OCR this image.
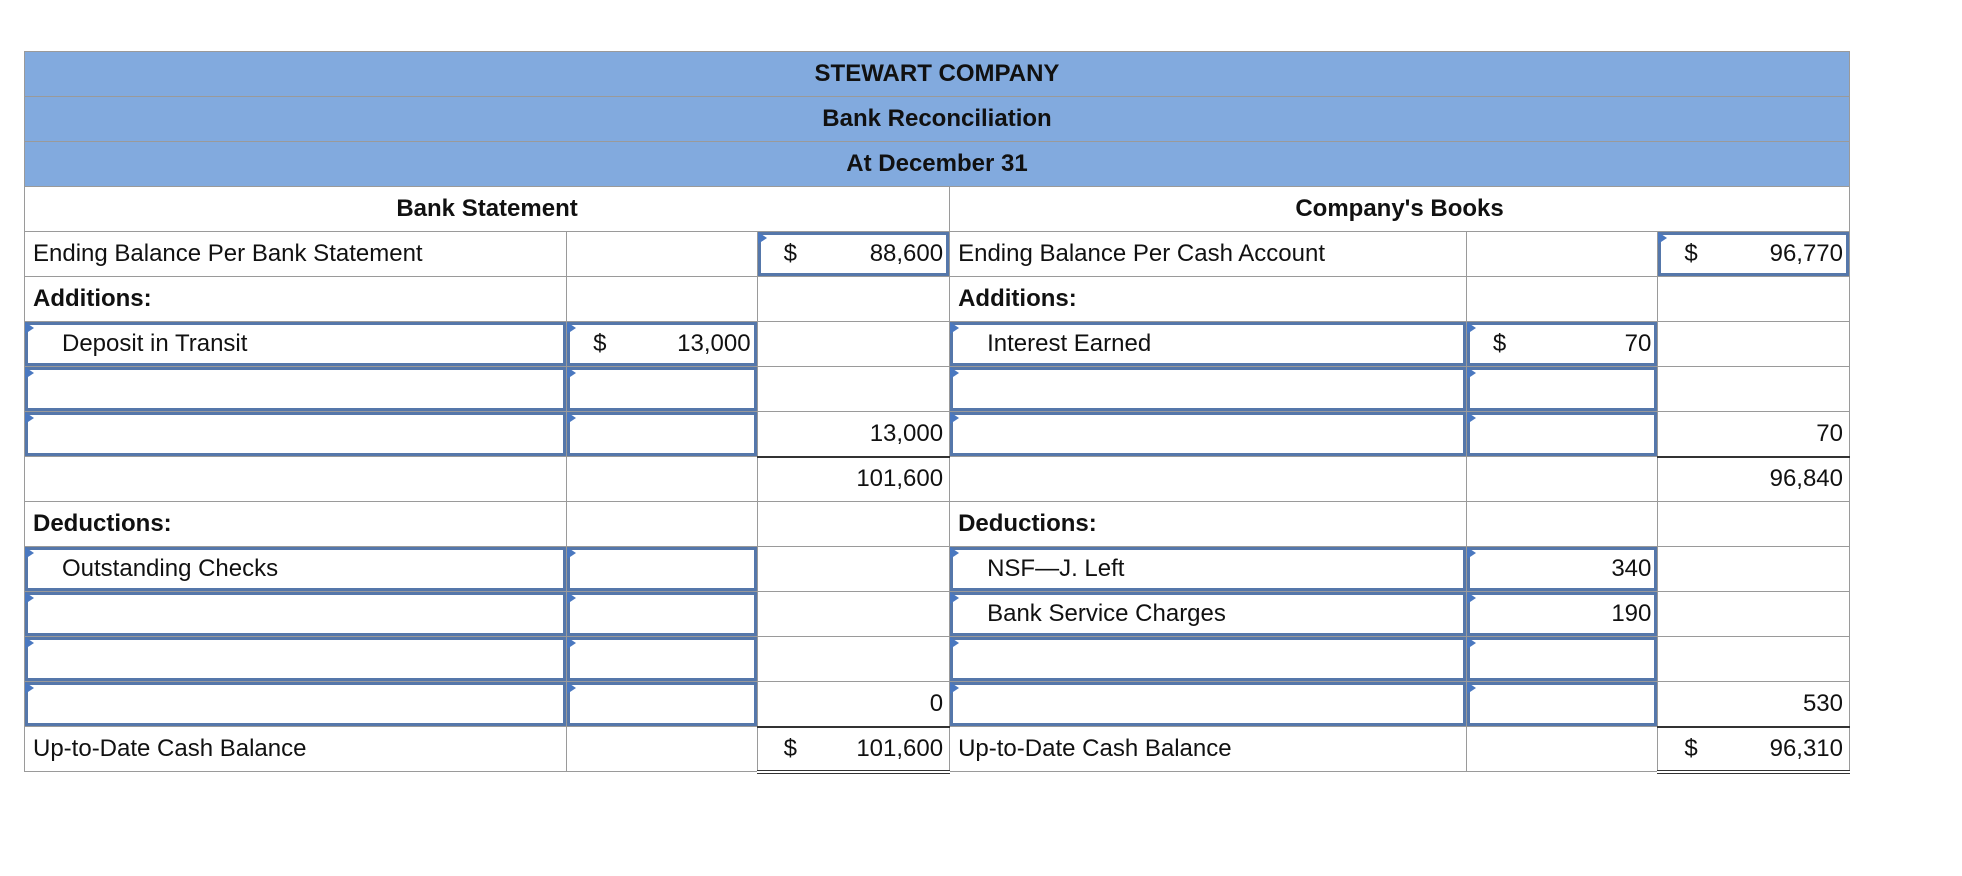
STEWART COMPANY					
Bank Reconciliation					
At December 31					
Bank Statement			Company's Books		
Ending Balance Per Bank Statement		$ 88,600	Ending Balance Per Cash Account		$ 96,770
Additions:			Additions:		
Deposit in Transit	$ 13,000		Interest Earned	$ 70	

		13,000			70
		101,600			96,840
Deductions:			Deductions:		
Outstanding Checks			NSF—J. Left	340	
			Bank Service Charges	190	

		0			530
Up-to-Date Cash Balance		$ 101,600	Up-to-Date Cash Balance		$ 96,310
